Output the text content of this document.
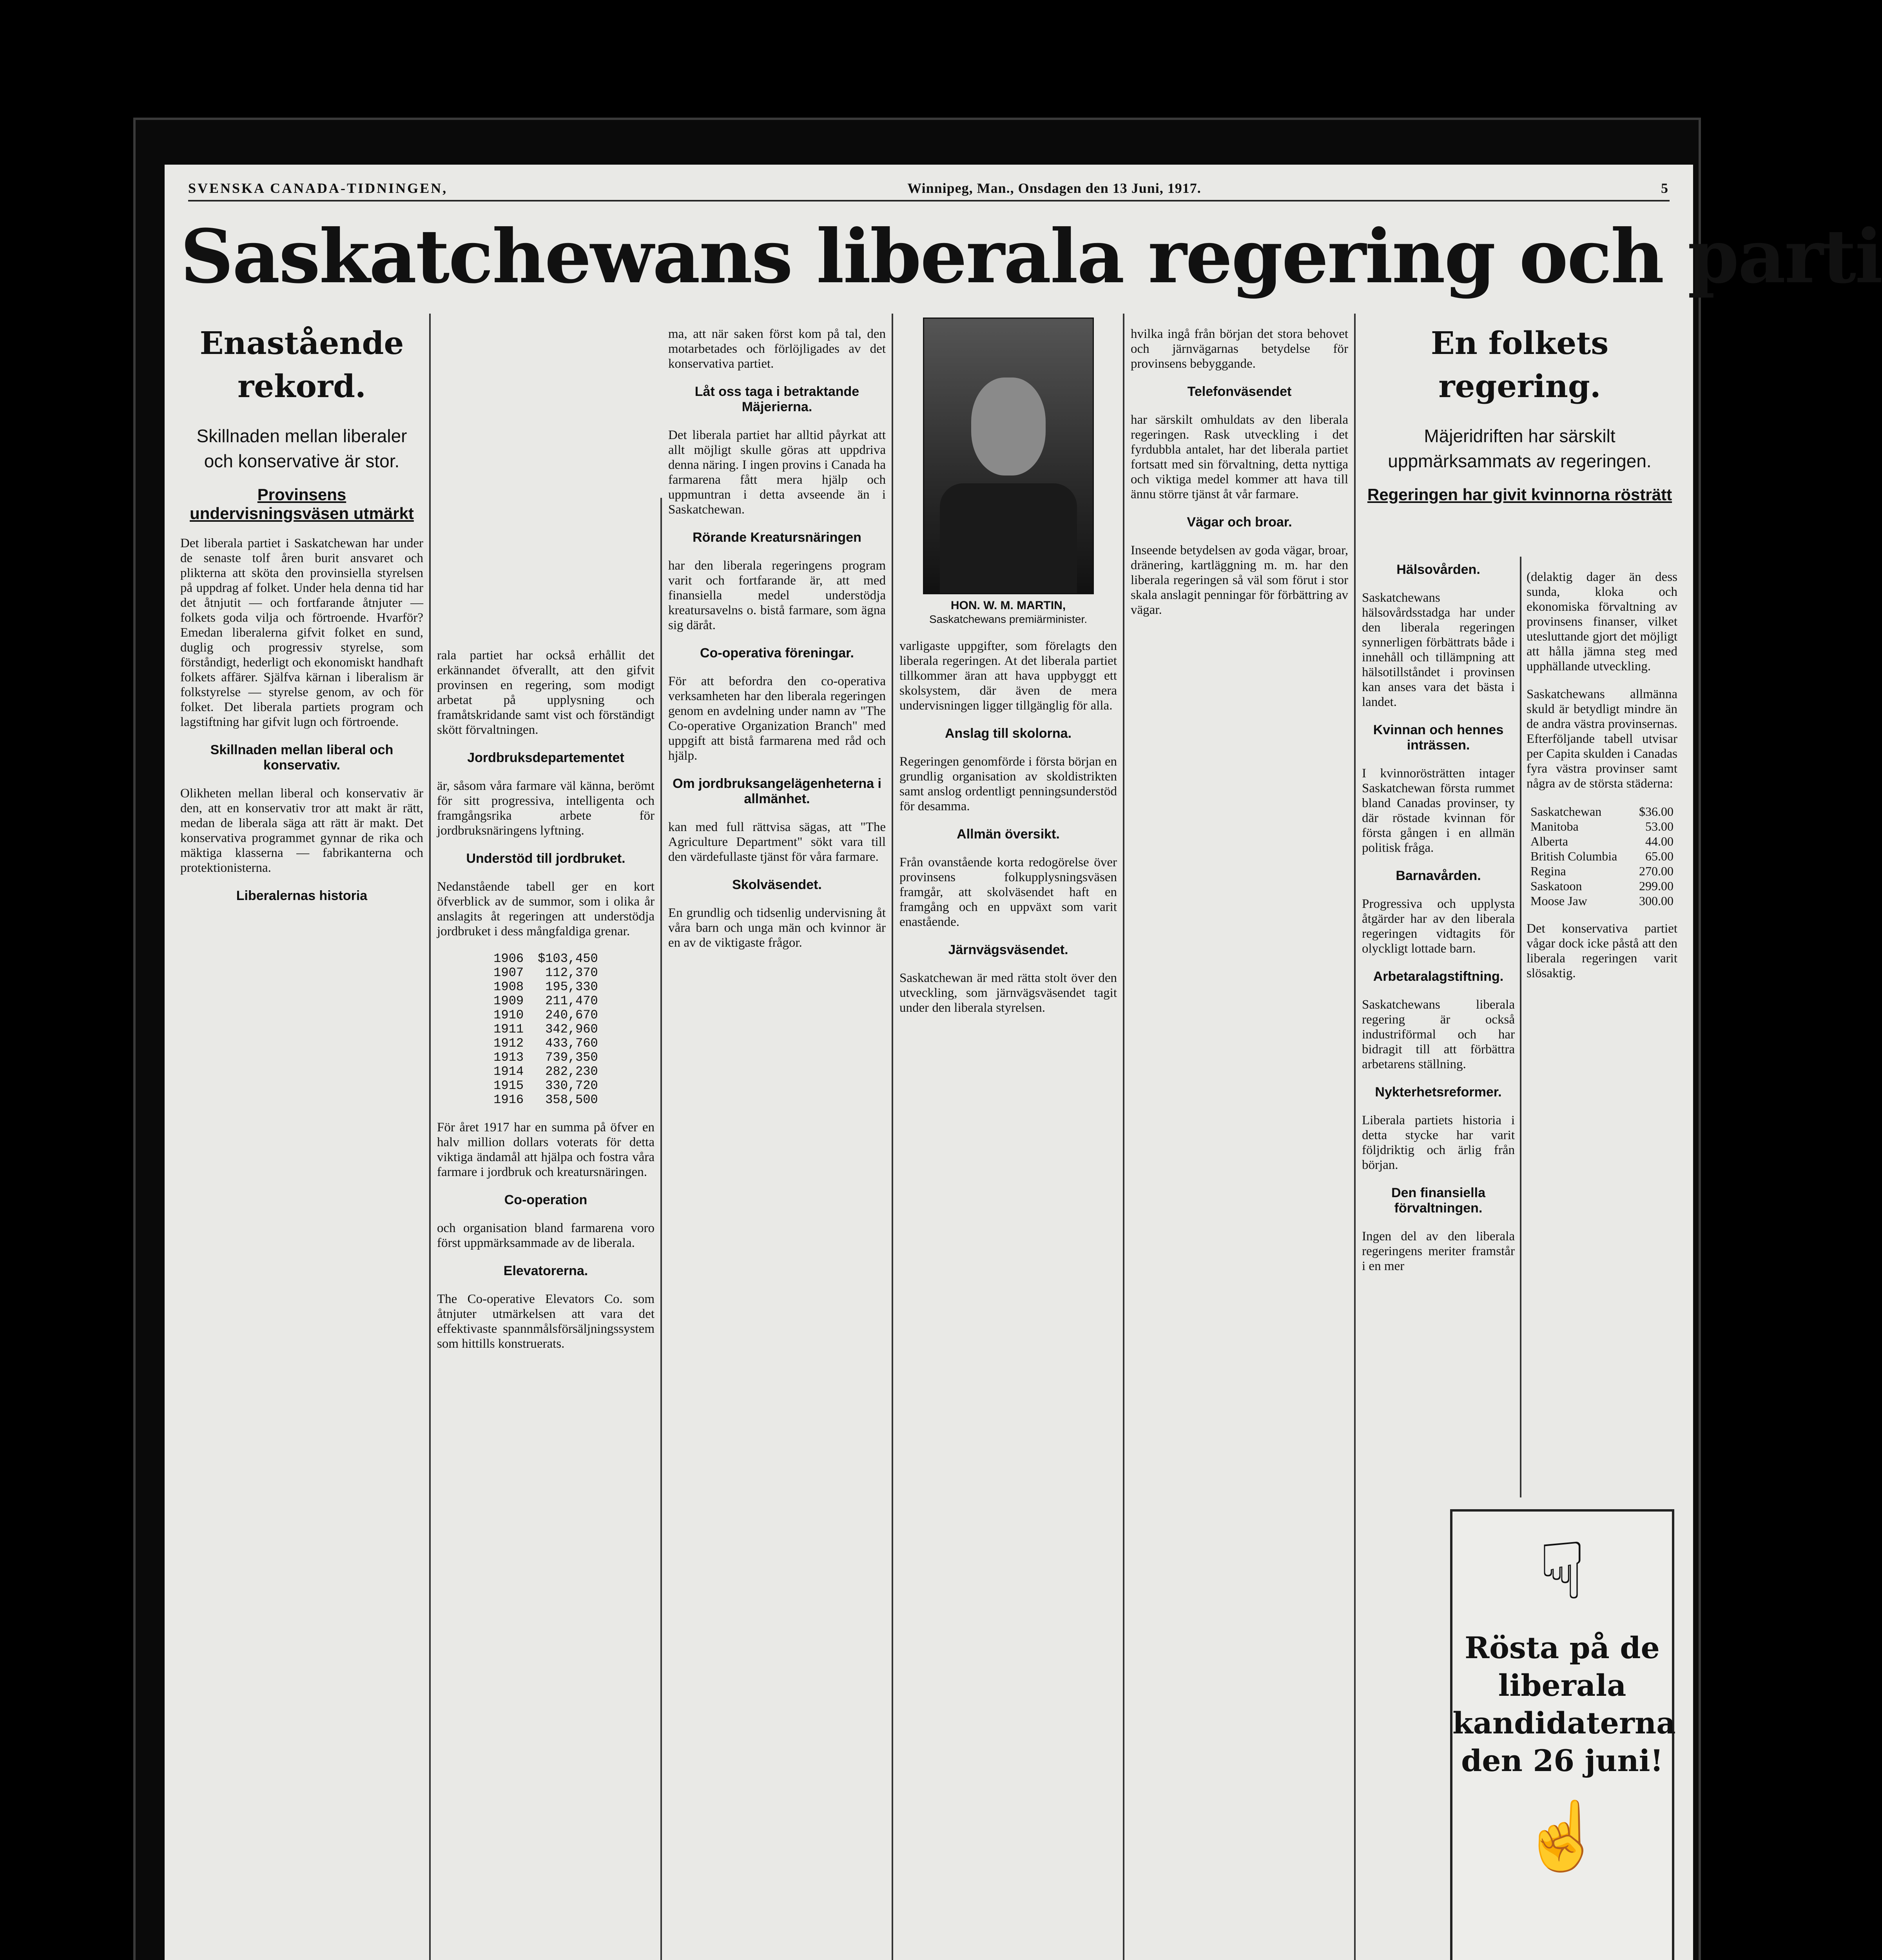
SVENSKA CANADA-TIDNINGEN,	Winnipeg, Man., Onsdagen den 13 Juni, 1917.	5
Saskatchewans liberala regering och parti
Enastående rekord.
Skillnaden mellan liberaler och konservative är stor.
Provinsens undervisningsväsen utmärkt

Det liberala partiet i Saskatchewan har under de senaste tolf åren burit ansvaret och plikterna att sköta den provinsiella styrelsen på uppdrag af folket. Under hela denna tid har det åtnjutit — och fortfarande åtnjuter — folkets goda vilja och förtroende. Hvarför? Emedan liberalerna gifvit folket en sund, duglig och progressiv styrelse, som förståndigt, hederligt och ekonomiskt handhaft folkets affärer. Själfva kärnan i liberalism är folkstyrelse — styrelse genom, av och för folket. Det liberala partiets program och lagstiftning har gifvit lugn och förtroende.

Skillnaden mellan liberal och konservativ.

Olikheten mellan liberal och konservativ är den, att en konservativ tror att makt är rätt, medan de liberala säga att rätt är makt. Det konservativa programmet gynnar de rika och mäktiga klasserna — fabrikanterna och protektionisterna.

Liberalernas historia

rala partiet har också erhållit det erkännandet öfverallt, att den gifvit provinsen en regering, som modigt arbetat på upplysning och framåtskridande samt vist och förständigt skött förvaltningen.

Jordbruksdepartementet

är, såsom våra farmare väl känna, berömt för sitt progressiva, intelligenta och framgångsrika arbete för jordbruksnäringens lyftning.

Understöd till jordbruket.

Nedanstående tabell ger en kort öfverblick av de summor, som i olika år anslagits åt regeringen att understödja jordbruket i dess mångfaldiga grenar.

1906	$103,450
1907	112,370
1908	195,330
1909	211,470
1910	240,670
1911	342,960
1912	433,760
1913	739,350
1914	282,230
1915	330,720
1916	358,500

För året 1917 har en summa på öfver en halv million dollars voterats för detta viktiga ändamål att hjälpa och fostra våra farmare i jordbruk och kreatursnäringen.

Co-operation

och organisation bland farmarena voro först uppmärksammade av de liberala.

Elevatorerna.

The Co-operative Elevators Co. som åtnjuter utmärkelsen att vara det effektivaste spannmålsförsäljningssystem som hittills konstruerats.

ma, att när saken först kom på tal, den motarbetades och förlöjligades av det konservativa partiet.

Låt oss taga i betraktande Mäjerierna.

Det liberala partiet har alltid påyrkat att allt möjligt skulle göras att uppdriva denna näring. I ingen provins i Canada ha farmarena fått mera hjälp och uppmuntran i detta avseende än i Saskatchewan.

Rörande Kreatursnäringen

har den liberala regeringens program varit och fortfarande är, att med finansiella medel understödja kreatursavelns o. bistå farmare, som ägna sig däråt.

Co-operativa föreningar.

För att befordra den co-operativa verksamheten har den liberala regeringen genom en avdelning under namn av "The Co-operative Organization Branch" med uppgift att bistå farmarena med råd och hjälp.

Om jordbruksangelägenheterna i allmänhet.

kan med full rättvisa sägas, att "The Agriculture Department" sökt vara till den värdefullaste tjänst för våra farmare.

Skolväsendet.

En grundlig och tidsenlig undervisning åt våra barn och unga män och kvinnor är en av de viktigaste frågor.

HON. W. M. MARTIN,
Saskatchewans premiärminister.

varligaste uppgifter, som förelagts den liberala regeringen. At det liberala partiet tillkommer äran att hava uppbyggt ett skolsystem, där även de mera undervisningen ligger tillgänglig för alla.

Anslag till skolorna.

Regeringen genomförde i första början en grundlig organisation av skoldistrikten samt anslog ordentligt penningsunderstöd för desamma.

Allmän översikt.

Från ovanstående korta redogörelse över provinsens folkupplysningsväsen framgår, att skolväsendet haft en framgång och en uppväxt som varit enastående.

Järnvägsväsendet.

Saskatchewan är med rätta stolt över den utveckling, som järnvägsväsendet tagit under den liberala styrelsen.

hvilka ingå från början det stora behovet och järnvägarnas betydelse för provinsens bebyggande.

Telefonväsendet

har särskilt omhuldats av den liberala regeringen. Rask utveckling i det fyrdubbla antalet, har det liberala partiet fortsatt med sin förvaltning, detta nyttiga och viktiga medel kommer att hava till ännu större tjänst åt vår farmare.

Vägar och broar.

Inseende betydelsen av goda vägar, broar, dränering, kartläggning m. m. har den liberala regeringen så väl som förut i stor skala anslagit penningar för förbättring av vägar.

En folkets regering.
Mäjeridriften har särskilt uppmärksammats av regeringen.
Regeringen har givit kvinnorna rösträtt
Hälsovården.

Saskatchewans hälsovårdsstadga har under den liberala regeringen synnerligen förbättrats både i innehåll och tillämpning att hälsotillståndet i provinsen kan anses vara det bästa i landet.

Kvinnan och hennes inträssen.

I kvinnorösträtten intager Saskatchewan första rummet bland Canadas provinser, ty där röstade kvinnan för första gången i en allmän politisk fråga.

Barnavården.

Progressiva och upplysta åtgärder har av den liberala regeringen vidtagits för olyckligt lottade barn.

Arbetaralagstiftning.

Saskatchewans liberala regering är också industriförmal och har bidragit till att förbättra arbetarens ställning.

Nykterhetsreformer.

Liberala partiets historia i detta stycke har varit följdriktig och ärlig från början.

Den finansiella förvaltningen.

Ingen del av den liberala regeringens meriter framstår i en mer

(delaktig dager än dess sunda, kloka och ekonomiska förvaltning av provinsens finanser, vilket utesluttande gjort det möjligt att hålla jämna steg med upphällande utveckling.

Saskatchewans allmänna skuld är betydligt mindre än de andra västra provinsernas. Efterföljande tabell utvisar per Capita skulden i Canadas fyra västra provinser samt några av de största städerna:

Saskatchewan	$36.00
Manitoba	53.00
Alberta	44.00
British Columbia	65.00
Regina	270.00
Saskatoon	299.00
Moose Jaw	300.00

Det konservativa partiet vågar dock icke påstå att den liberala regeringen varit slösaktig.

☟
Rösta på de liberala kandidaterna den 26 juni!
☝
